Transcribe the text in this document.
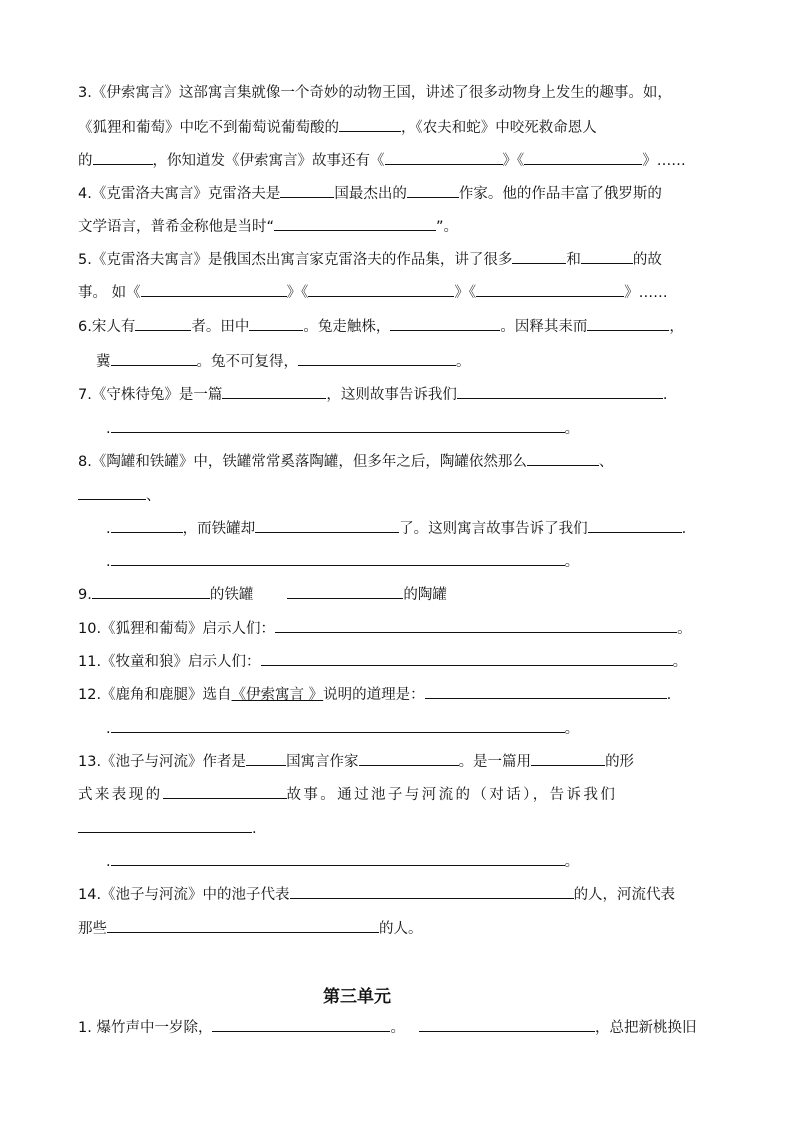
3.《伊索寓言》这部寓言集就像一个奇妙的动物王国，讲述了很多动物身上发生的趣事。如，
《狐狸和葡萄》中吃不到葡萄说葡萄酸的	，《农夫和蛇》中咬死救命恩人
的	，你知道发《伊索寓言》故事还有《	》《	》……
4.《克雷洛夫寓言》克雷洛夫是	国最杰出的	作家。他的作品丰富了俄罗斯的
文学语言，普希金称他是当时“	”。
5.《克雷洛夫寓言》是俄国杰出寓言家克雷洛夫的作品集，讲了很多	和	的故
事。 如《	》《	》《	》……
6.宋人有	者。田中	。兔走触株，	。因释其耒而	，
冀	。兔不可复得，	。
7.《守株待兔》是一篇	，这则故事告诉我们	.
.	。
8.《陶罐和铁罐》中，铁罐常常奚落陶罐，但多年之后，陶罐依然那么	、
、
.	，而铁罐却	了。这则寓言故事告诉了我们	.
.	。
9.	的铁罐	的陶罐
10.《狐狸和葡萄》启示人们：	。
11.《牧童和狼》启示人们：	。
12.《鹿角和鹿腿》选自《伊索寓言 》说明的道理是：	.
.	。
13.《池子与河流》作者是	国寓言作家	。是一篇用	的形
式来表现的	故事。通过池子与河流的（对话），告诉我们
.
.	。
14.《池子与河流》中的池子代表	的人，河流代表
那些	的人。
第三单元
1. 爆竹声中一岁除，	。	，总把新桃换旧
